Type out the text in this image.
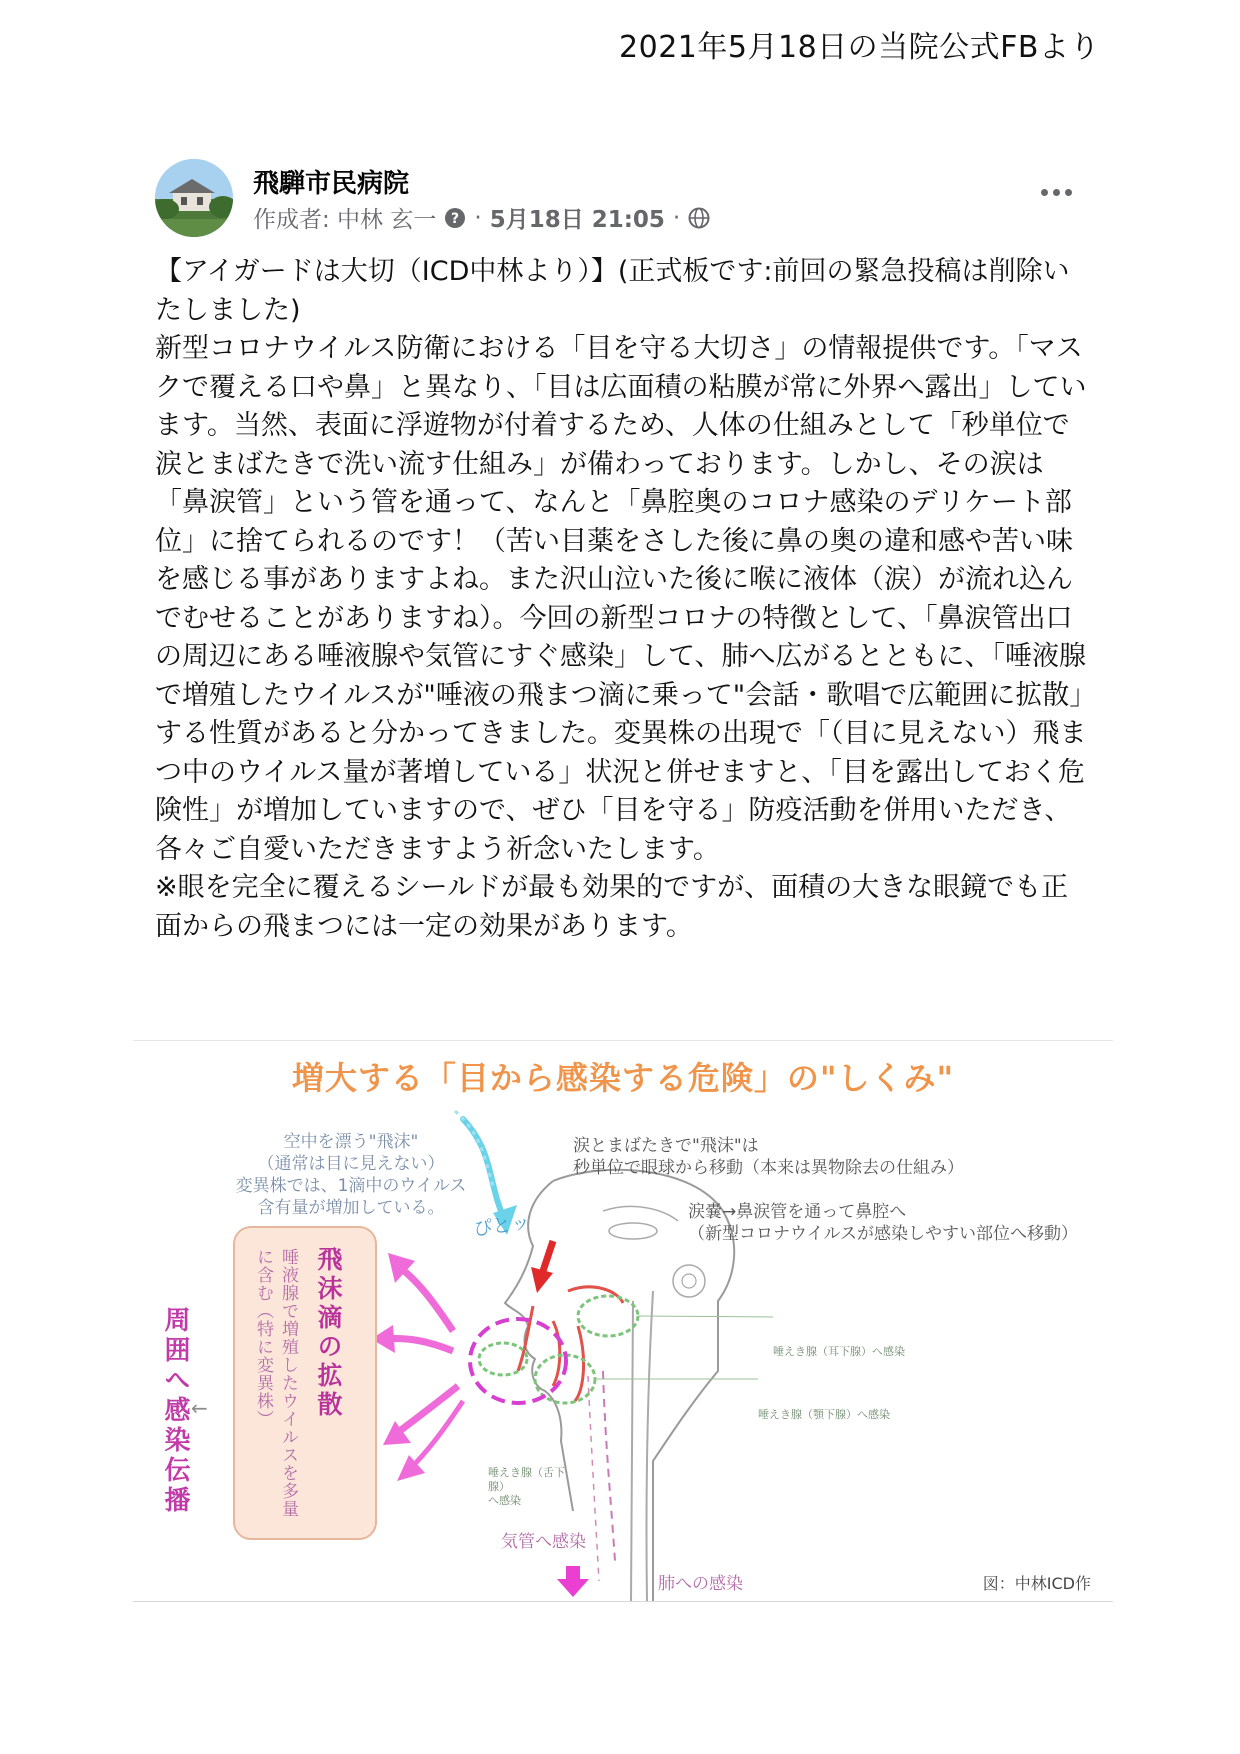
2021年5月18日の当院公式FBより
飛騨市民病院
作成者: 中林 玄一 ? · 5月18日 21:05 ·
【アイガードは大切（ICD中林より）】(正式板です:前回の緊急投稿は削除いたしました)
新型コロナウイルス防衛における「目を守る大切さ」の情報提供です。「マスクで覆える口や鼻」と異なり、「目は広面積の粘膜が常に外界へ露出」しています。当然、表面に浮遊物が付着するため、人体の仕組みとして「秒単位で涙とまばたきで洗い流す仕組み」が備わっております。しかし、その涙は「鼻涙管」という管を通って、なんと「鼻腔奥のコロナ感染のデリケート部位」に捨てられるのです！（苦い目薬をさした後に鼻の奥の違和感や苦い味を感じる事がありますよね。また沢山泣いた後に喉に液体（涙）が流れ込んでむせることがありますね）。今回の新型コロナの特徴として、「鼻涙管出口の周辺にある唾液腺や気管にすぐ感染」して、肺へ広がるとともに、「唾液腺で増殖したウイルスが"唾液の飛まつ滴に乗って"会話・歌唱で広範囲に拡散」する性質があると分かってきました。変異株の出現で「（目に見えない）飛まつ中のウイルス量が著増している」状況と併せますと、「目を露出しておく危険性」が増加していますので、ぜひ「目を守る」防疫活動を併用いただき、各々ご自愛いただきますよう祈念いたします。
※眼を完全に覆えるシールドが最も効果的ですが、面積の大きな眼鏡でも正面からの飛まつには一定の効果があります。
増大する「目から感染する危険」の"しくみ"
空中を漂う"飛沫"
（通常は目に見えない）
変異株では、1滴中のウイルス
含有量が増加している。
ぴとッ
涙とまばたきで"飛沫"は
秒単位で眼球から移動（本来は異物除去の仕組み）
涙嚢→鼻涙管を通って鼻腔へ
（新型コロナウイルスが感染しやすい部位へ移動）
唾えき腺（耳下腺）へ感染
唾えき腺（顎下腺）へ感染
唾えき腺（舌下腺）
へ感染
気管へ感染
肺への感染	図：中林ICD作
周囲へ感染伝播 ←	飛沫滴の拡散
唾液腺で増殖したウイルスを多量に含む（特に変異株）
